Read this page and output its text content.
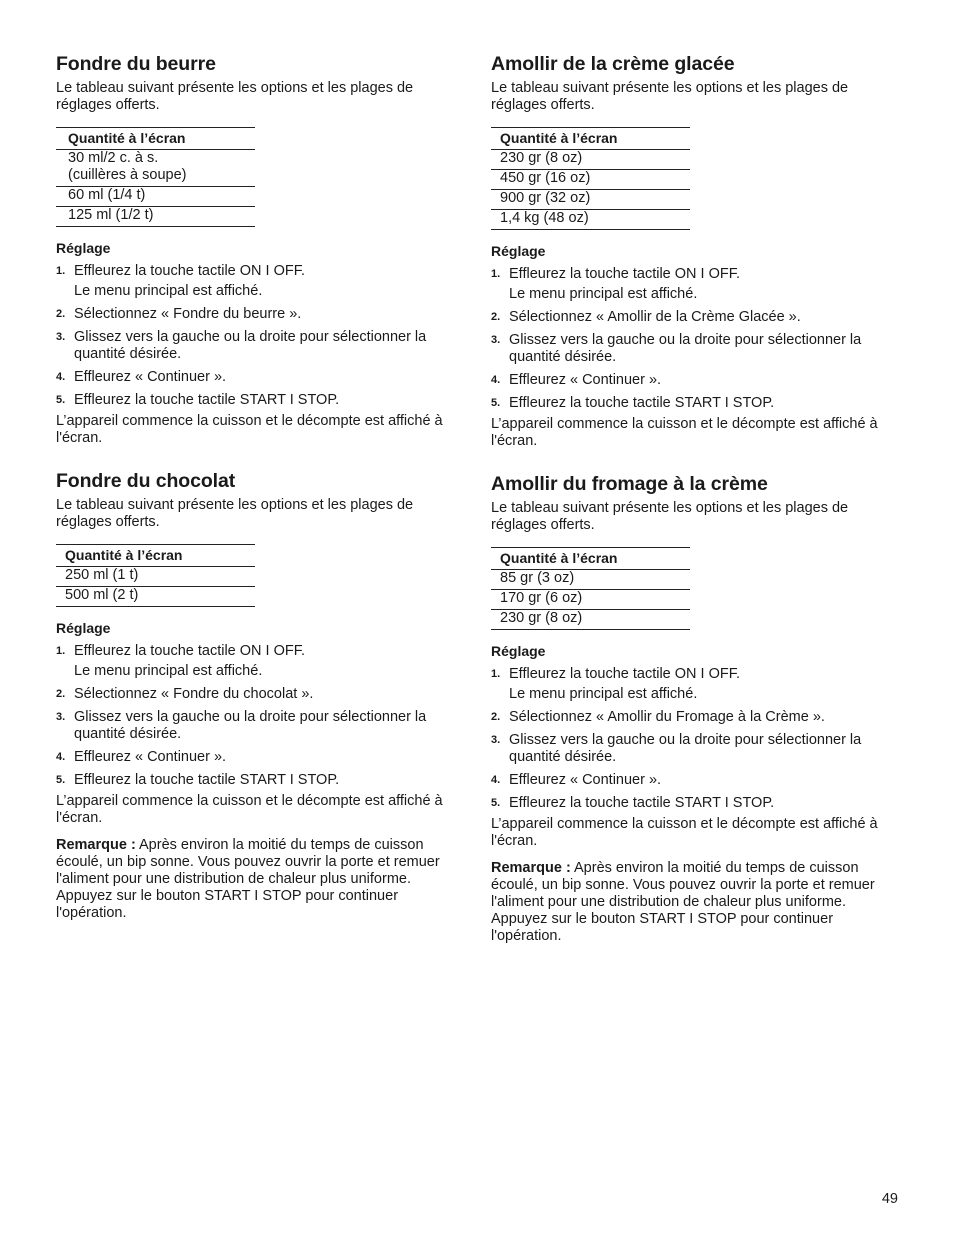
Fondre du beurre

Le tableau suivant présente les options et les plages de réglages offerts.

Quantité à l’écran
30 ml/2 c. à s.
(cuillères à soupe)
60 ml (1/4 t)
125 ml (1/2 t)
Réglage
1. Effleurez la touche tactile ON I OFF.
Le menu principal est affiché.
2. Sélectionnez « Fondre du beurre ».
3. Glissez vers la gauche ou la droite pour sélectionner la quantité désirée.
4. Effleurez « Continuer ».
5. Effleurez la touche tactile START I STOP.

L’appareil commence la cuisson et le décompte est affiché à l'écran.

Fondre du chocolat

Le tableau suivant présente les options et les plages de réglages offerts.

Quantité à l’écran
250 ml (1 t)
500 ml (2 t)
Réglage
1. Effleurez la touche tactile ON I OFF.
Le menu principal est affiché.
2. Sélectionnez « Fondre du chocolat ».
3. Glissez vers la gauche ou la droite pour sélectionner la quantité désirée.
4. Effleurez « Continuer ».
5. Effleurez la touche tactile START I STOP.

L’appareil commence la cuisson et le décompte est affiché à l'écran.

Remarque : Après environ la moitié du temps de cuisson écoulé, un bip sonne. Vous pouvez ouvrir la porte et remuer l'aliment pour une distribution de chaleur plus uniforme. Appuyez sur le bouton START I STOP pour continuer l'opération.

Amollir de la crème glacée

Le tableau suivant présente les options et les plages de réglages offerts.

Quantité à l’écran
230 gr (8 oz)
450 gr (16 oz)
900 gr (32 oz)
1,4 kg (48 oz)
Réglage
1. Effleurez la touche tactile ON I OFF.
Le menu principal est affiché.
2. Sélectionnez « Amollir de la Crème Glacée ».
3. Glissez vers la gauche ou la droite pour sélectionner la quantité désirée.
4. Effleurez « Continuer ».
5. Effleurez la touche tactile START I STOP.

L’appareil commence la cuisson et le décompte est affiché à l'écran.

Amollir du fromage à la crème

Le tableau suivant présente les options et les plages de réglages offerts.

Quantité à l’écran
85 gr (3 oz)
170 gr (6 oz)
230 gr (8 oz)
Réglage
1. Effleurez la touche tactile ON I OFF.
Le menu principal est affiché.
2. Sélectionnez « Amollir du Fromage à la Crème ».
3. Glissez vers la gauche ou la droite pour sélectionner la quantité désirée.
4. Effleurez « Continuer ».
5. Effleurez la touche tactile START I STOP.

L’appareil commence la cuisson et le décompte est affiché à l'écran.

Remarque : Après environ la moitié du temps de cuisson écoulé, un bip sonne. Vous pouvez ouvrir la porte et remuer l'aliment pour une distribution de chaleur plus uniforme. Appuyez sur le bouton START I STOP pour continuer l'opération.

49
